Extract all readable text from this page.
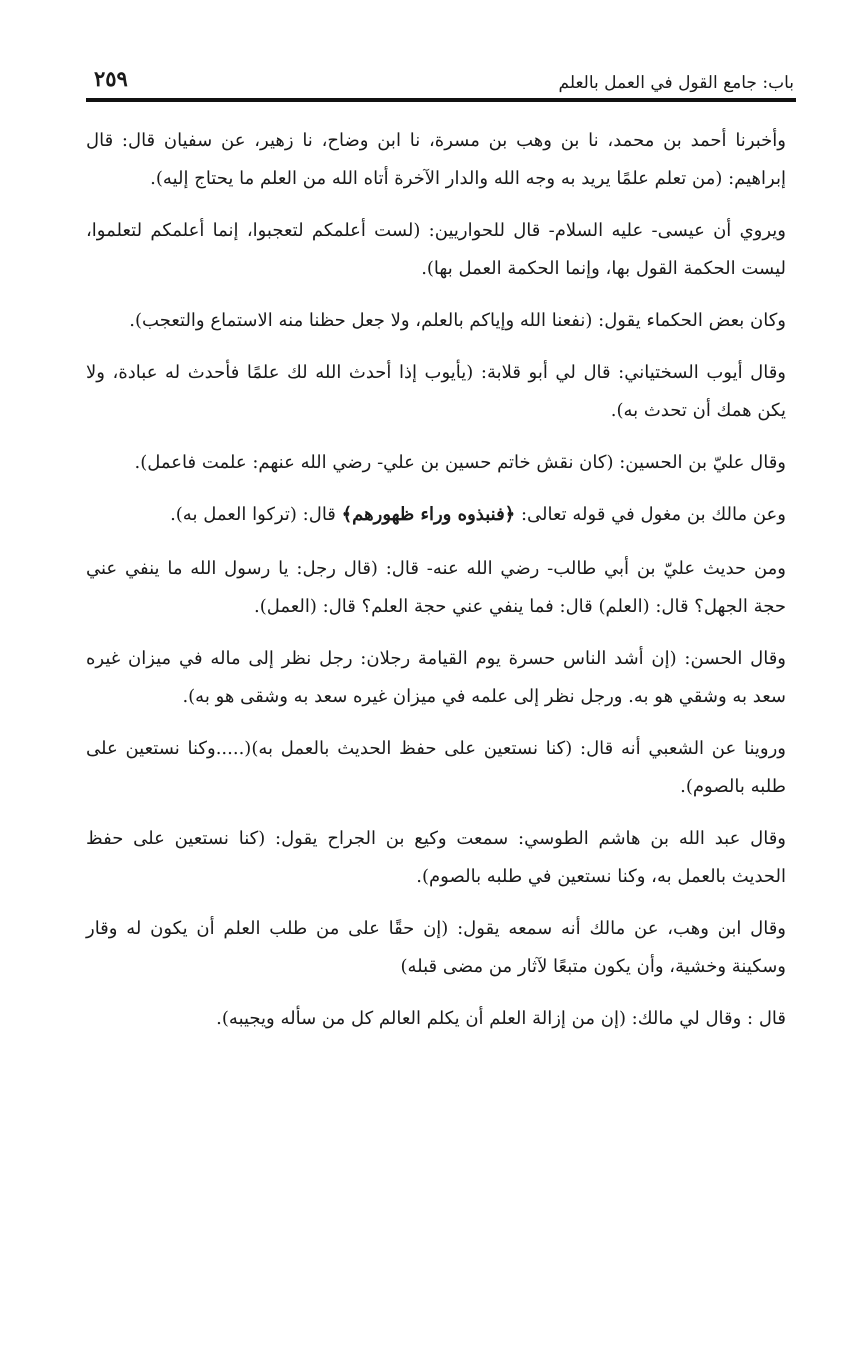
باب: جامع القول في العمل بالعلم
٢٥٩

وأخبرنا أحمد بن محمد، نا بن وهب بن مسرة، نا ابن وضاح، نا زهير، عن سفيان قال: قال إبراهيم: (من تعلم علمًا يريد به وجه الله والدار الآخرة أتاه الله من العلم ما يحتاج إليه).

ويروي أن عيسى- عليه السلام- قال للحواريين: (لست أعلمكم لتعجبوا، إنما أعلمكم لتعلموا، ليست الحكمة القول بها، وإنما الحكمة العمل بها).

وكان بعض الحكماء يقول: (نفعنا الله وإياكم بالعلم، ولا جعل حظنا منه الاستماع والتعجب).

وقال أيوب السختياني: قال لي أبو قلابة: (يأيوب إذا أحدث الله لك علمًا فأحدث له عبادة، ولا يكن همك أن تحدث به).

وقال عليّ بن الحسين: (كان نقش خاتم حسين بن علي- رضي الله عنهم: علمت فاعمل).

وعن مالك بن مغول في قوله تعالى: ﴿فنبذوه وراء ظهورهم﴾ قال: (تركوا العمل به).

ومن حديث عليّ بن أبي طالب- رضي الله عنه- قال: (قال رجل: يا رسول الله ما ينفي عني حجة الجهل؟ قال: (العلم) قال: فما ينفي عني حجة العلم؟ قال: (العمل).

وقال الحسن: (إن أشد الناس حسرة يوم القيامة رجلان: رجل نظر إلى ماله في ميزان غيره سعد به وشقي هو به. ورجل نظر إلى علمه في ميزان غيره سعد به وشقى هو به).

وروينا عن الشعبي أنه قال: (كنا نستعين على حفظ الحديث بالعمل به)(.....وكنا نستعين على طلبه بالصوم).

وقال عبد الله بن هاشم الطوسي: سمعت وكيع بن الجراح يقول: (كنا نستعين على حفظ الحديث بالعمل به، وكنا نستعين في طلبه بالصوم).

وقال ابن وهب، عن مالك أنه سمعه يقول: (إن حقًا على من طلب العلم أن يكون له وقار وسكينة وخشية، وأن يكون متبعًا لآثار من مضى قبله)

قال : وقال لي مالك: (إن من إزالة العلم أن يكلم العالم كل من سأله ويجيبه).
